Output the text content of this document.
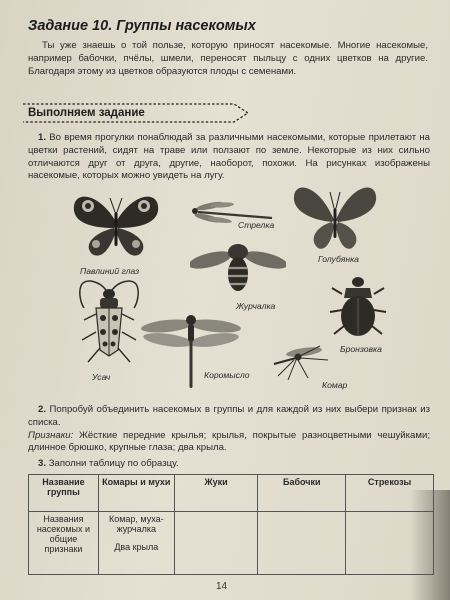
Задание 10. Группы насекомых
Ты уже знаешь о той пользе, которую приносят насекомые. Многие насекомые, например бабочки, пчёлы, шмели, переносят пыльцу с одних цветков на другие. Благодаря этому из цветков образуются плоды с семенами.
Выполняем задание
1. Во время прогулки понаблюдай за различными насекомыми, которые прилетают на цветки растений, сидят на траве или ползают по земле. Некоторые из них сильно отличаются друг от друга, другие, наоборот, похожи. На рисунках изображены насекомые, которых можно увидеть на лугу.
Павлиний глаз
Стрелка
Голубянка
Журчалка
Бронзовка
Усач	Коромысло
Комар
2. Попробуй объединить насекомых в группы и для каждой из них выбери признак из списка.
Признаки: Жёсткие передние крылья; крылья, покрытые разноцветными чешуйками; длинное брюшко, крупные глаза; два крыла.
3. Заполни таблицу по образцу.
Название группы	Комары и мухи	Жуки	Бабочки	Стрекозы
Названия насекомых и общие признаки	Комар, муха-журчалка
Два крыла			

14
